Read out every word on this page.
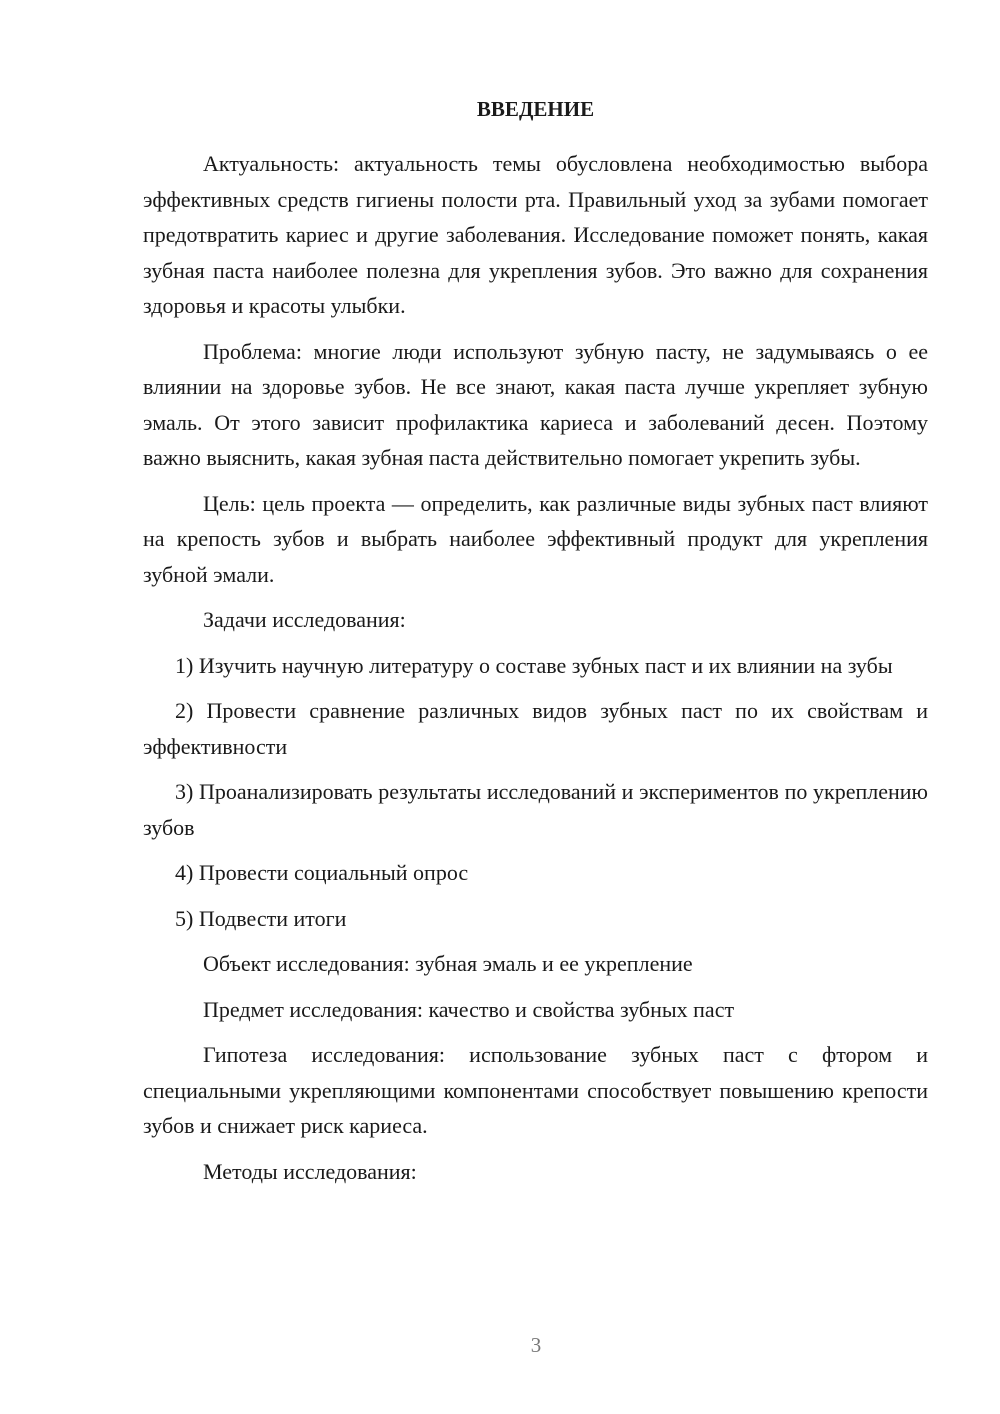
ВВЕДЕНИЕ

Актуальность: актуальность темы обусловлена необходимостью выбора эффективных средств гигиены полости рта. Правильный уход за зубами помогает предотвратить кариес и другие заболевания. Исследование поможет понять, какая зубная паста наиболее полезна для укрепления зубов. Это важно для сохранения здоровья и красоты улыбки.

Проблема: многие люди используют зубную пасту, не задумываясь о ее влиянии на здоровье зубов. Не все знают, какая паста лучше укрепляет зубную эмаль. От этого зависит профилактика кариеса и заболеваний десен. Поэтому важно выяснить, какая зубная паста действительно помогает укрепить зубы.

Цель: цель проекта — определить, как различные виды зубных паст влияют на крепость зубов и выбрать наиболее эффективный продукт для укрепления зубной эмали.

Задачи исследования:

1) Изучить научную литературу о составе зубных паст и их влиянии на зубы

2) Провести сравнение различных видов зубных паст по их свойствам и эффективности

3) Проанализировать результаты исследований и экспериментов по укреплению зубов

4) Провести социальный опрос

5) Подвести итоги

Объект исследования: зубная эмаль и ее укрепление

Предмет исследования: качество и свойства зубных паст

Гипотеза исследования: использование зубных паст с фтором и специальными укрепляющими компонентами способствует повышению крепости зубов и снижает риск кариеса.

Методы исследования:

3
